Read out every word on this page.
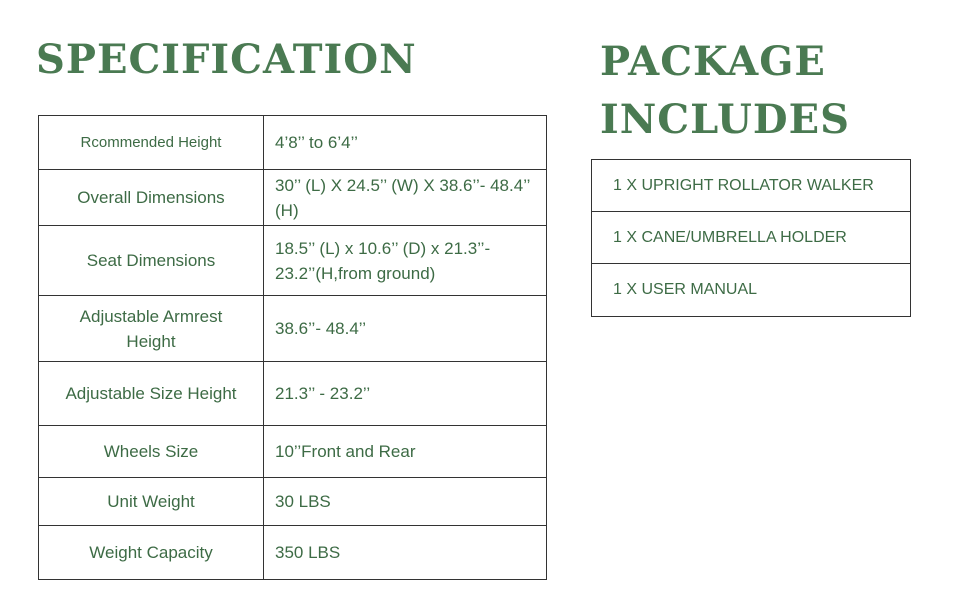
SPECIFICATION	PACKAGE
INCLUDES
Rcommended Height	4’8’’ to 6’4’’
Overall Dimensions	30’’ (L) X 24.5’’ (W) X 38.6’’- 48.4’’ (H)
Seat Dimensions	18.5’’ (L) x 10.6’’ (D) x 21.3’’- 23.2’’(H,from ground)
Adjustable Armrest Height	38.6’’- 48.4’’
Adjustable Size Height	21.3’’ - 23.2’’
Wheels Size	10’’Front and Rear
Unit Weight	30 LBS
Weight Capacity	350 LBS
1 X UPRIGHT ROLLATOR WALKER
1 X CANE/UMBRELLA HOLDER
1 X USER MANUAL
